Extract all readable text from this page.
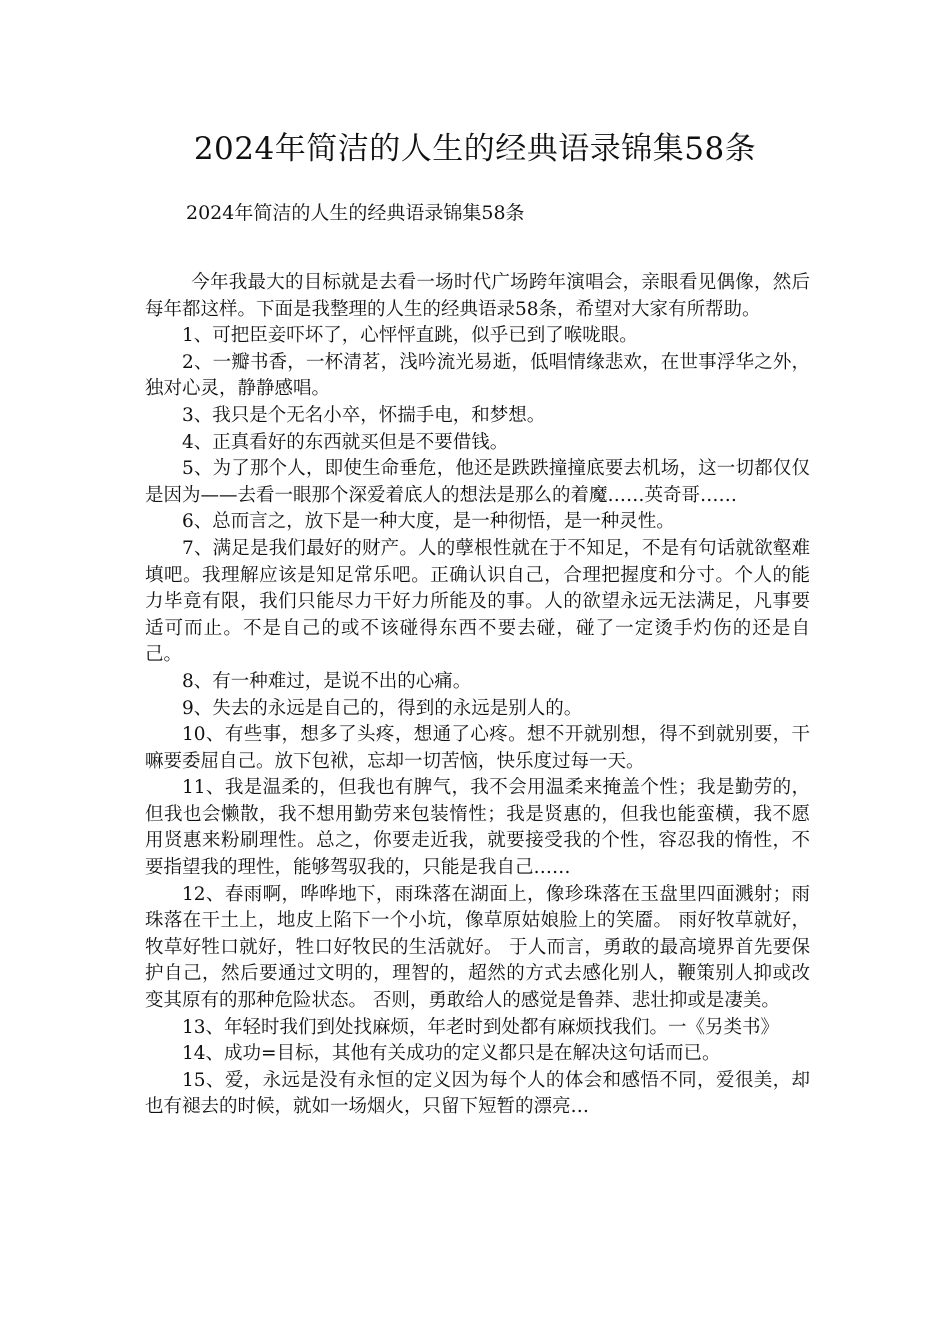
2024年简洁的人生的经典语录锦集58条

2024年简洁的人生的经典语录锦集58条

今年我最大的目标就是去看一场时代广场跨年演唱会，亲眼看见偶像，然后每年都这样。下面是我整理的人生的经典语录58条，希望对大家有所帮助。

1、可把臣妾吓坏了，心怦怦直跳，似乎已到了喉咙眼。

2、一瓣书香，一杯清茗，浅吟流光易逝，低唱情缘悲欢，在世事浮华之外，独对心灵，静静感唱。

3、我只是个无名小卒，怀揣手电，和梦想。

4、正真看好的东西就买但是不要借钱。

5、为了那个人，即使生命垂危，他还是跌跌撞撞底要去机场，这一切都仅仅是因为——去看一眼那个深爱着底人的想法是那么的着魔……英奇哥……

6、总而言之，放下是一种大度，是一种彻悟，是一种灵性。

7、满足是我们最好的财产。人的孽根性就在于不知足，不是有句话就欲壑难填吧。我理解应该是知足常乐吧。正确认识自己，合理把握度和分寸。个人的能力毕竟有限，我们只能尽力干好力所能及的事。人的欲望永远无法满足，凡事要适可而止。不是自己的或不该碰得东西不要去碰，碰了一定烫手灼伤的还是自己。

8、有一种难过，是说不出的心痛。

9、失去的永远是自己的，得到的永远是别人的。

10、有些事，想多了头疼，想通了心疼。想不开就别想，得不到就别要，干嘛要委屈自己。放下包袱，忘却一切苦恼，快乐度过每一天。

11、我是温柔的，但我也有脾气，我不会用温柔来掩盖个性；我是勤劳的，但我也会懒散，我不想用勤劳来包装惰性；我是贤惠的，但我也能蛮横，我不愿用贤惠来粉刷理性。总之，你要走近我，就要接受我的个性，容忍我的惰性，不要指望我的理性，能够驾驭我的，只能是我自己……

12、春雨啊，哗哗地下，雨珠落在湖面上，像珍珠落在玉盘里四面溅射；雨珠落在干土上，地皮上陷下一个小坑，像草原姑娘脸上的笑靥。 雨好牧草就好，牧草好牲口就好，牲口好牧民的生活就好。 于人而言，勇敢的最高境界首先要保护自己，然后要通过文明的，理智的，超然的方式去感化别人，鞭策别人抑或改变其原有的那种危险状态。 否则，勇敢给人的感觉是鲁莽、悲壮抑或是凄美。

13、年轻时我们到处找麻烦，年老时到处都有麻烦找我们。一《另类书》

14、成功=目标，其他有关成功的定义都只是在解决这句话而已。

15、爱，永远是没有永恒的定义因为每个人的体会和感悟不同，爱很美，却也有褪去的时候，就如一场烟火，只留下短暂的漂亮…
